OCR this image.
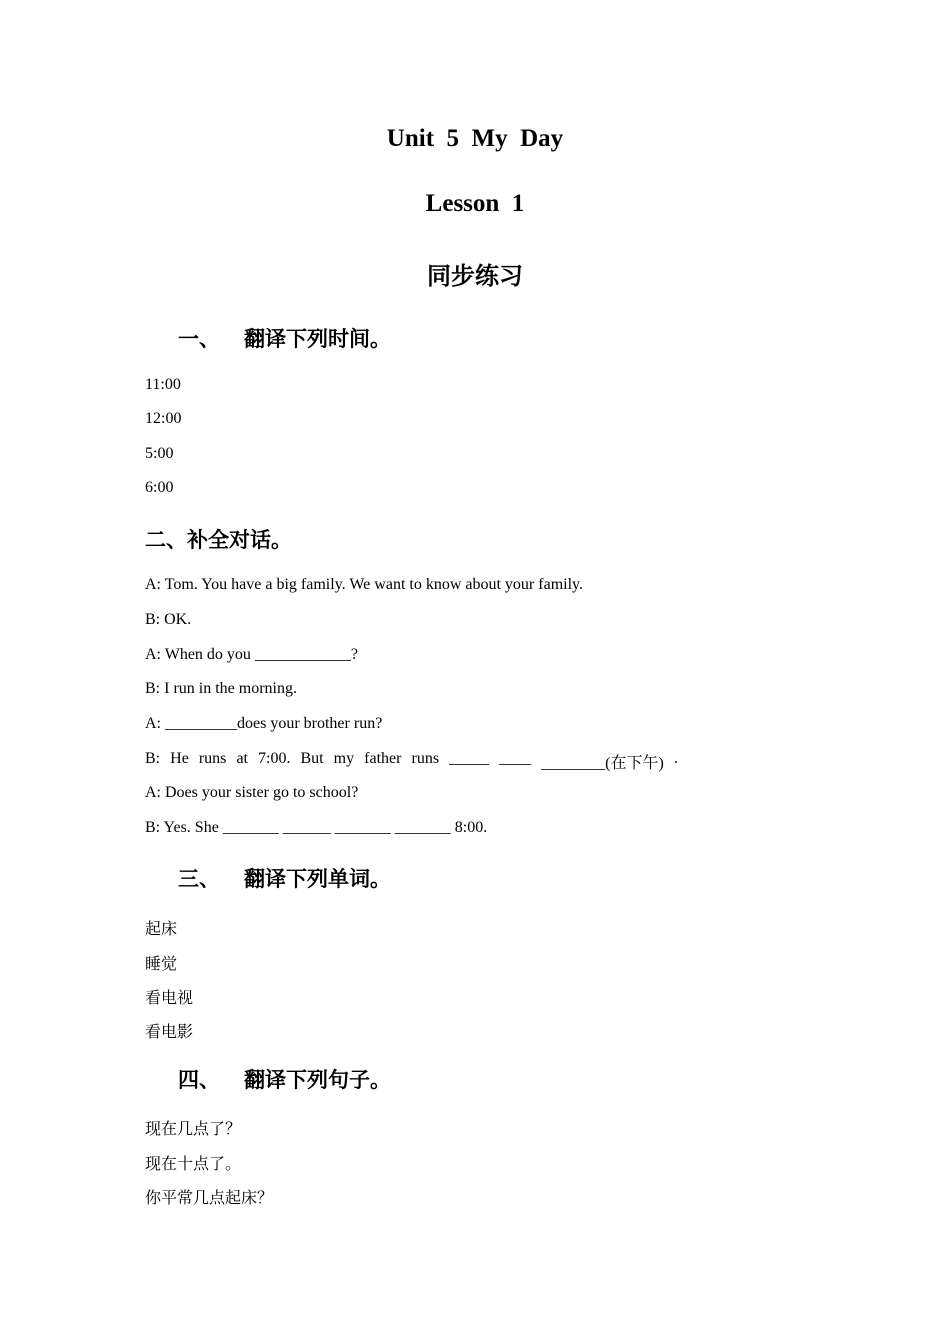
Unit  5  My  Day
Lesson  1
同步练习
一、 翻译下列时间。
11:00
12:00
5:00
6:00
二、补全对话。
A: Tom. You have a big family. We want to know about your family.
B: OK.
A: When do you ____________?
B: I run in the morning.
A: _________does your brother run?
B: He runs at 7:00. But my father runs _____ ____ ________(在下午) .
A: Does your sister go to school?
B: Yes. She _______ ______ _______ _______ 8:00.
三、 翻译下列单词。
起床
睡觉
看电视
看电影
四、 翻译下列句子。
现在几点了？
现在十点了。
你平常几点起床？
